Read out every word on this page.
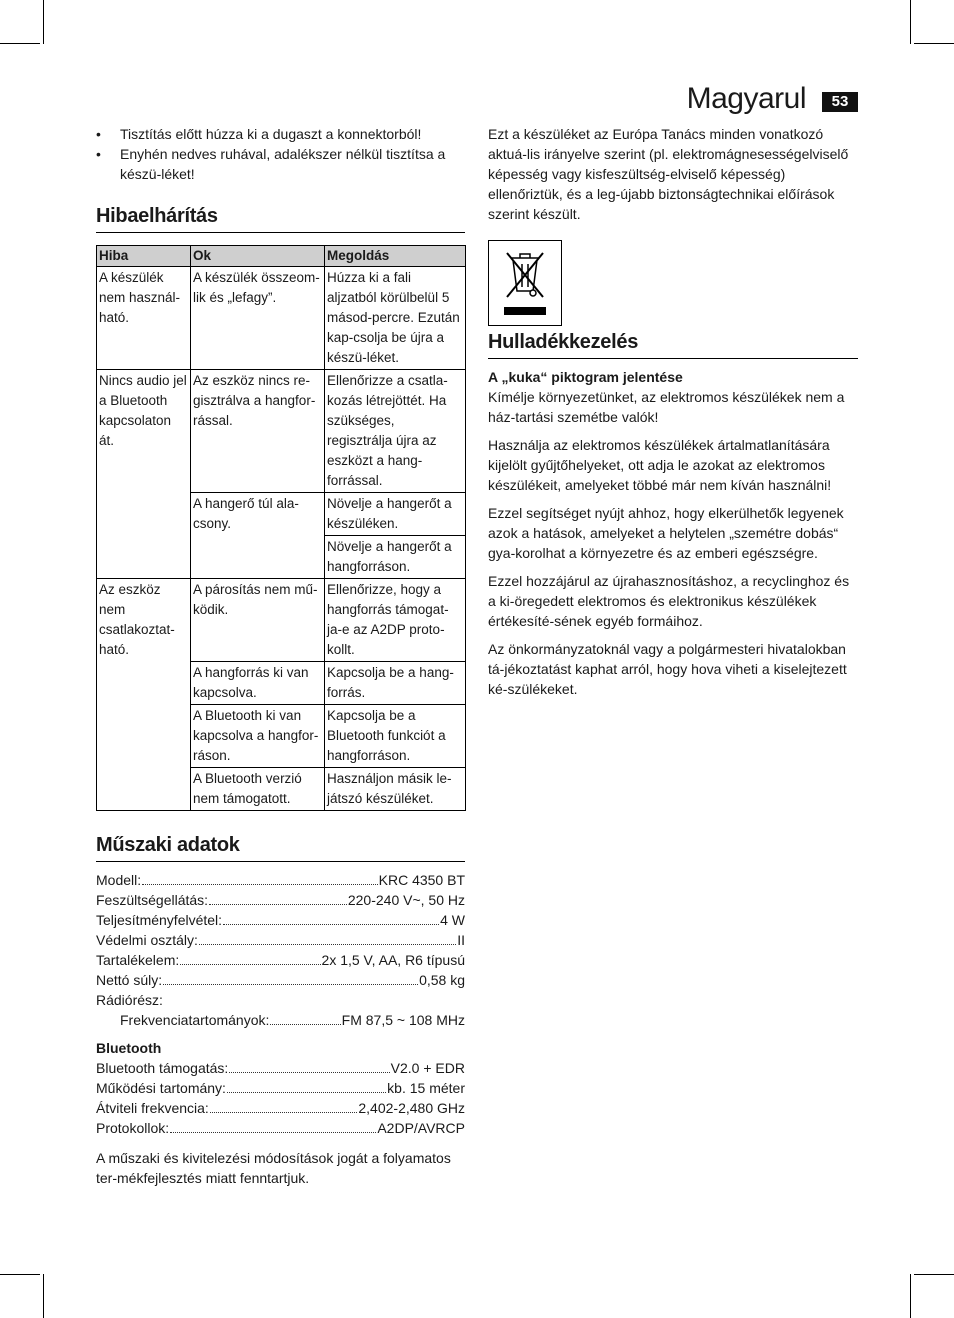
Magyarul	53
• Tisztítás előtt húzza ki a dugaszt a konnektorból!
• Enyhén nedves ruhával, adalékszer nélkül tisztítsa a készü-léket!
Hibaelhárítás
Hiba	Ok	Megoldás
A készülék nem használ-ható.	A készülék összeom-lik és „lefagy”.	Húzza ki a fali aljzatból körülbelül 5 másod-percre. Ezután kap-csolja be újra a készü-léket.
Nincs audio jel a Bluetooth kapcsolaton át.	Az eszköz nincs re-gisztrálva a hangfor-rással.	Ellenőrizze a csatla-kozás létrejöttét. Ha szükséges, regisztrálja újra az eszközt a hang-forrással.
	A hangerő túl ala-csony.	Növelje a hangerőt a készüléken.
		Növelje a hangerőt a hangforráson.
Az eszköz nem csatlakoztat-ható.	A párosítás nem mű-ködik.	Ellenőrizze, hogy a hangforrás támogat-ja-e az A2DP proto-kollt.
	A hangforrás ki van kapcsolva.	Kapcsolja be a hang-forrás.
	A Bluetooth ki van kapcsolva a hangfor-ráson.	Kapcsolja be a Bluetooth funkciót a hangforráson.
	A Bluetooth verzió nem támogatott.	Használjon másik le-játszó készüléket.
Műszaki adatok
Modell:	KRC 4350 BT
Feszültségellátás:	220-240 V~, 50 Hz
Teljesítményfelvétel:	4 W
Védelmi osztály:	II
Tartalékelem:	2x 1,5 V, AA, R6 típusú
Nettó súly:	0,58 kg
Rádiórész:
Frekvenciatartományok:	FM 87,5 ~ 108 MHz
Bluetooth
Bluetooth támogatás:	V2.0 + EDR
Működési tartomány:	kb. 15 méter
Átviteli frekvencia:	2,402-2,480 GHz
Protokollok:	A2DP/AVRCP

A műszaki és kivitelezési módosítások jogát a folyamatos ter-mékfejlesztés miatt fenntartjuk.

Ezt a készüléket az Európa Tanács minden vonatkozó aktuá-lis irányelve szerint (pl. elektromágnesességelviselő képesség vagy kisfeszültség-elviselő képesség) ellenőriztük, és a leg-újabb biztonságtechnikai előírások szerint készült.

Hulladékkezelés
A „kuka“ piktogram jelentése

Kímélje környezetünket, az elektromos készülékek nem a ház-tartási szemétbe valók!

Használja az elektromos készülékek ártalmatlanítására kijelölt gyűjtőhelyeket, ott adja le azokat az elektromos készülékeit, amelyeket többé már nem kíván használni!

Ezzel segítséget nyújt ahhoz, hogy elkerülhetők legyenek azok a hatások, amelyeket a helytelen „szemétre dobás“ gya-korolhat a környezetre és az emberi egészségre.

Ezzel hozzájárul az újrahasznosításhoz, a recyclinghoz és a ki-öregedett elektromos és elektronikus készülékek értékesíté-sének egyéb formáihoz.

Az önkormányzatoknál vagy a polgármesteri hivatalokban tá-jékoztatást kaphat arról, hogy hova viheti a kiselejtezett ké-szülékeket.
